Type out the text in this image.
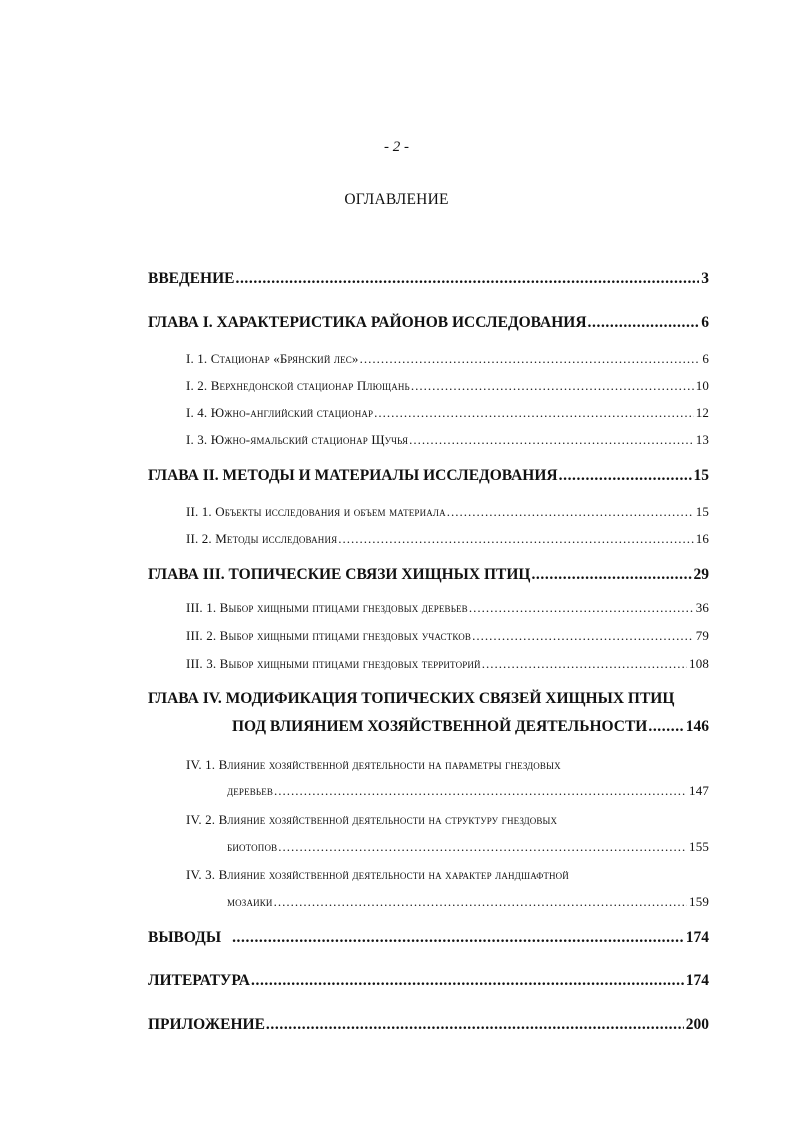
- 2 -
ОГЛАВЛЕНИЕ
ВВЕДЕНИЕ .....	3
ГЛАВА I. ХАРАКТЕРИСТИКА РАЙОНОВ ИССЛЕДОВАНИЯ .....	6
I. 1. Стационар «Брянский лес» .....	6
I. 2. Верхнедонской стационар Плющань .....	10
I. 4. Южно-английский стационар .....	12
I. 3. Южно-ямальский стационар Щучья .....	13
ГЛАВА II. МЕТОДЫ И МАТЕРИАЛЫ ИССЛЕДОВАНИЯ .....	15
II. 1. Объекты исследования и объем материала .....	15
II. 2. Методы исследования .....	16
ГЛАВА III. ТОПИЧЕСКИЕ СВЯЗИ ХИЩНЫХ ПТИЦ .....	29
III. 1. Выбор хищными птицами гнездовых деревьев .....	36
III. 2. Выбор хищными птицами гнездовых участков .....	79
III. 3. Выбор хищными птицами гнездовых территорий .....	108
ГЛАВА IV. МОДИФИКАЦИЯ ТОПИЧЕСКИХ СВЯЗЕЙ ХИЩНЫХ ПТИЦ
ПОД ВЛИЯНИЕМ ХОЗЯЙСТВЕННОЙ ДЕЯТЕЛЬНОСТИ ..... 146
IV. 1. Влияние хозяйственной деятельности на параметры гнездовых
деревьев .....	147
IV. 2. Влияние хозяйственной деятельности на структуру гнездовых
биотопов .....	155
IV. 3. Влияние хозяйственной деятельности на характер ландшафтной
мозаики .....	159
ВЫВОДЫ .....	174
ЛИТЕРАТУРА .....	174
ПРИЛОЖЕНИЕ .....	200
